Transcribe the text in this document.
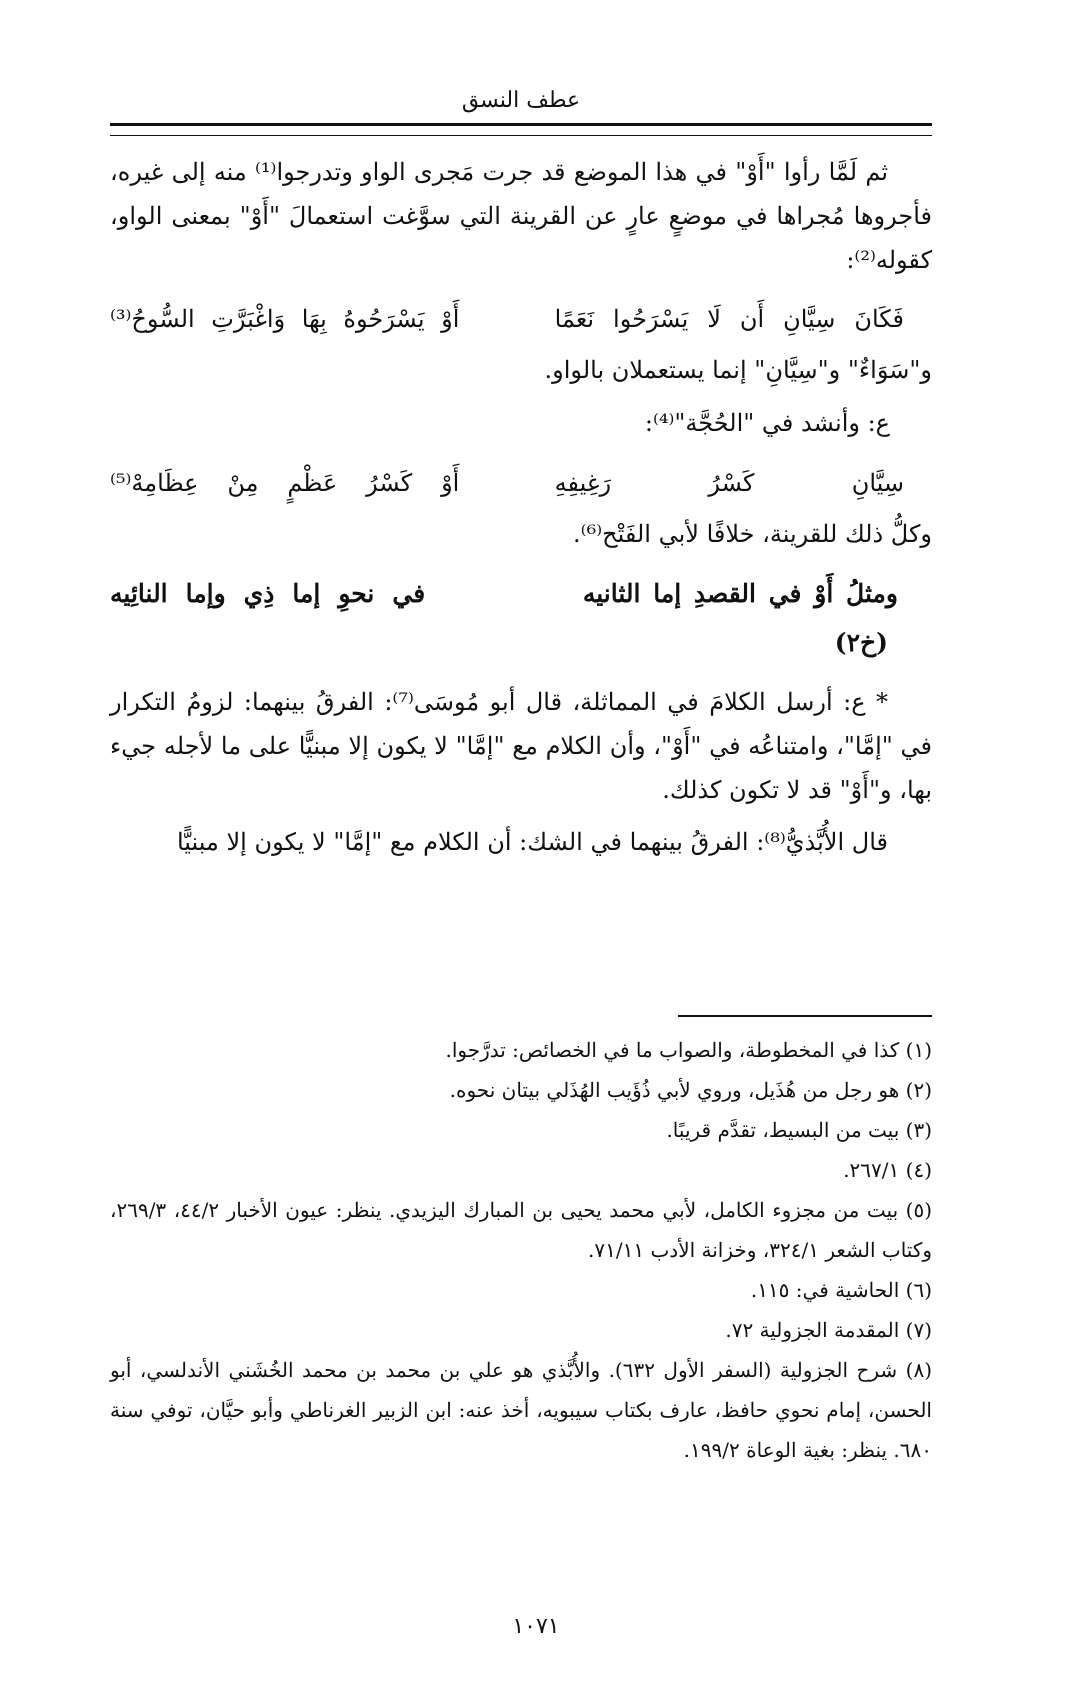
عطف النسق

ثم لَمَّا رأوا "أَوْ" في هذا الموضع قد جرت مَجرى الواو وتدرجوا⁽¹⁾ منه إلى غيره، فأجروها مُجراها في موضعٍ عارٍ عن القرينة التي سوَّغت استعمالَ "أَوْ" بمعنى الواو، كقوله⁽²⁾:

فَكَانَ سِيَّانِ أَن لَا يَسْرَحُوا نَعَمًا
أَوْ يَسْرَحُوهُ بِهَا وَاغْبَرَّتِ السُّوحُ⁽³⁾

و"سَوَاءٌ" و"سِيَّانِ" إنما يستعملان بالواو.

ع: وأنشد في "الحُجَّة"⁽⁴⁾:

سِيَّانِ كَسْرُ رَغِيفِهِ
أَوْ كَسْرُ عَظْمٍ مِنْ عِظَامِهْ⁽⁵⁾

وكلُّ ذلك للقرينة، خلافًا لأبي الفَتْح⁽⁶⁾.

ومثلُ أَوْ في القصدِ إما الثانيه
في نحوِ إما ذِي وإما النائِيه
(خ٢)

* ع: أرسل الكلامَ في المماثلة، قال أبو مُوسَى⁽⁷⁾: الفرقُ بينهما: لزومُ التكرار في "إمَّا"، وامتناعُه في "أَوْ"، وأن الكلام مع "إمَّا" لا يكون إلا مبنيًّا على ما لأجله جيء بها، و"أَوْ" قد لا تكون كذلك.

قال الأُبَّذيُّ⁽⁸⁾: الفرقُ بينهما في الشك: أن الكلام مع "إمَّا" لا يكون إلا مبنيًّا

(١) كذا في المخطوطة، والصواب ما في الخصائص: تدرَّجوا.

(٢) هو رجل من هُذَيل، وروي لأبي ذُؤَيب الهُذَلي بيتان نحوه.

(٣) بيت من البسيط، تقدَّم قريبًا.

(٤) ٢٦٧/١.

(٥) بيت من مجزوء الكامل، لأبي محمد يحيى بن المبارك اليزيدي. ينظر: عيون الأخبار ٤٤/٢، ٢٦٩/٣، وكتاب الشعر ٣٢٤/١، وخزانة الأدب ٧١/١١.

(٦) الحاشية في: ١١٥.

(٧) المقدمة الجزولية ٧٢.

(٨) شرح الجزولية (السفر الأول ٦٣٢). والأُبَّذي هو علي بن محمد بن محمد الخُشَني الأندلسي، أبو الحسن، إمام نحوي حافظ، عارف بكتاب سيبويه، أخذ عنه: ابن الزبير الغرناطي وأبو حيَّان، توفي سنة ٦٨٠. ينظر: بغية الوعاة ١٩٩/٢.

١٠٧١
